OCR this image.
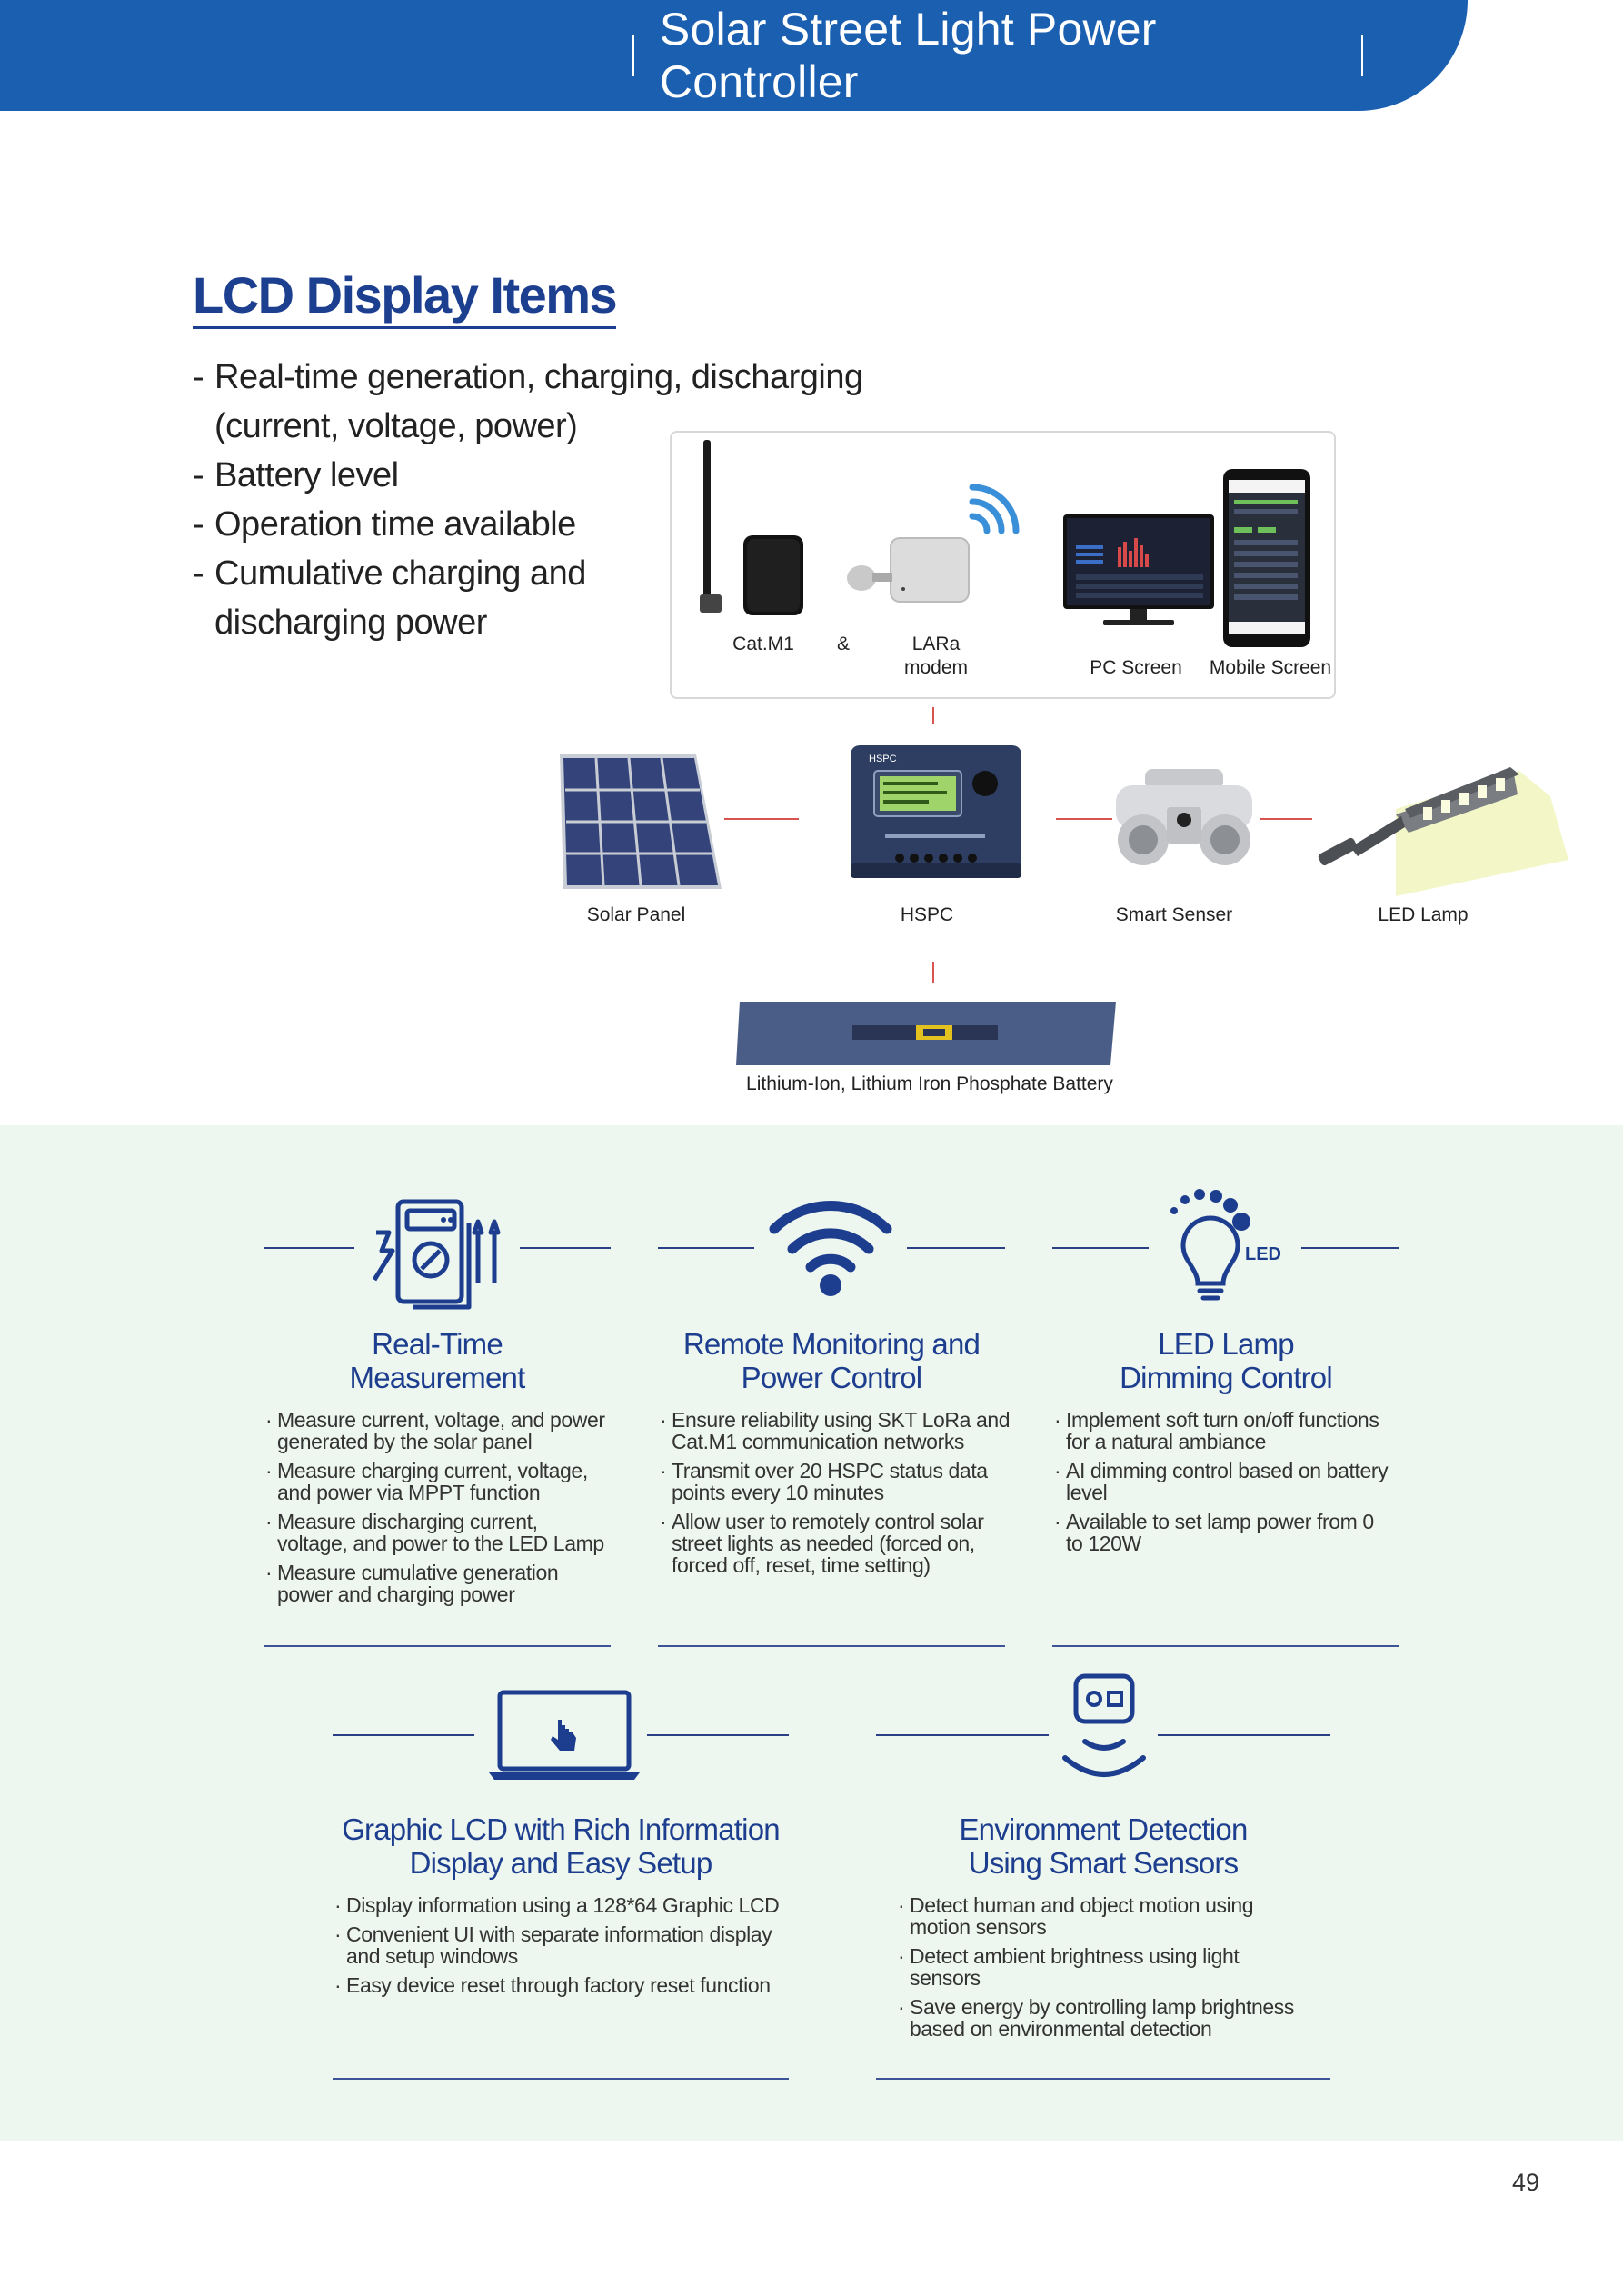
Solar Street Light Power Controller
LCD Display Items
- Real-time generation, charging, discharging
(current, voltage, power)
- Battery level
- Operation time available
- Cumulative charging and
discharging power
Cat.M1	&	LARa
modem	PC Screen	Mobile Screen
Solar Panel
HSPC
HSPC	Smart Senser	LED Lamp
Lithium-Ion, Lithium Iron Phosphate Battery
Real-Time
Measurement
· Measure current, voltage, and power
generated by the solar panel
· Measure charging current, voltage,
and power via MPPT function
· Measure discharging current,
voltage, and power to the LED Lamp
· Measure cumulative generation
power and charging power
Remote Monitoring and
Power Control
· Ensure reliability using SKT LoRa and
Cat.M1 communication networks
· Transmit over 20 HSPC status data
points every 10 minutes
· Allow user to remotely control solar
street lights as needed (forced on,
forced off, reset, time setting)
LED
LED Lamp
Dimming Control
· Implement soft turn on/off functions
for a natural ambiance
· AI dimming control based on battery
level
· Available to set lamp power from 0
to 120W
Graphic LCD with Rich Information
Display and Easy Setup
· Display information using a 128*64 Graphic LCD
· Convenient UI with separate information display
and setup windows
· Easy device reset through factory reset function
Environment Detection
Using Smart Sensors
· Detect human and object motion using
motion sensors
· Detect ambient brightness using light
sensors
· Save energy by controlling lamp brightness
based on environmental detection
49
